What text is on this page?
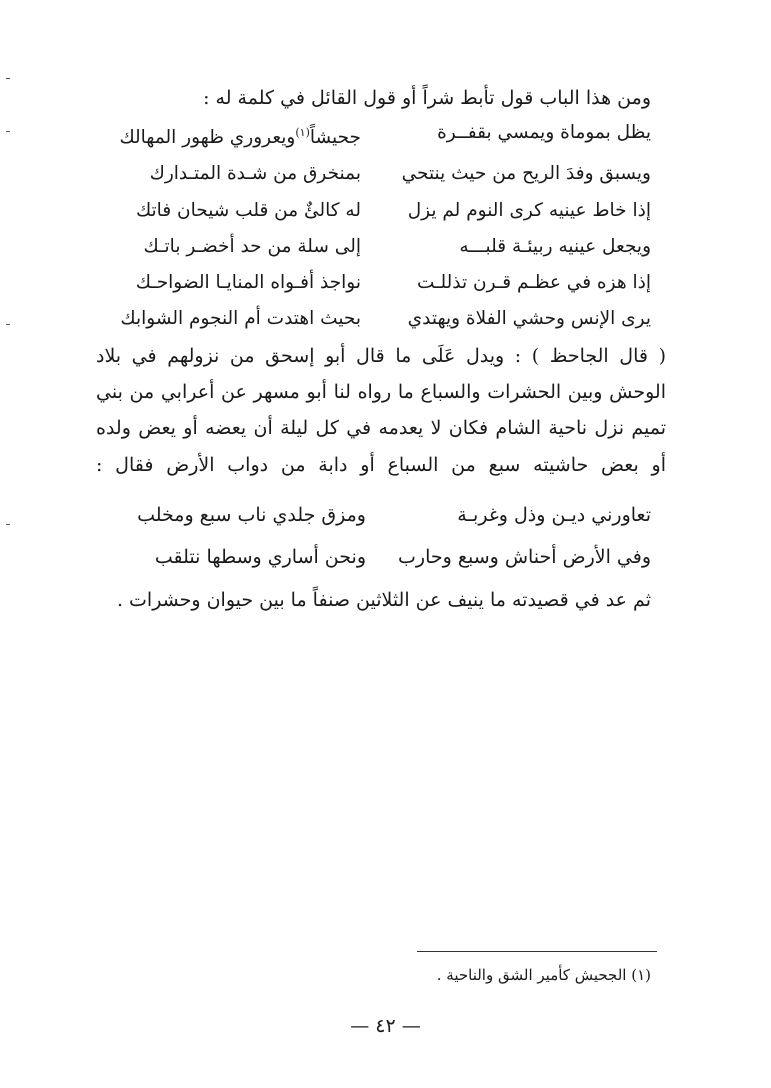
ومن هذا الباب قول تأبط شراً أو قول القائل في كلمة له :
يظل بموماة ويمسي بقفــرة
جحيشاً$^{(١)}$ويعروري ظهور المهالك
ويسبق وفدَ الريح من حيث ينتحي
بمنخرق من شـدة المتـدارك
إذا خاط عينيه كرى النوم لم يزل
له كالئٌ من قلب شيحان فاتك
ويجعل عينيه ربيئـة قلبـــه
إلى سلة من حد أخضـر باتـك
إذا هزه في عظـم قـرن تذللـت
نواجذ أفـواه المنايـا الضواحـك
يرى الإنس وحشي الفلاة ويهتدي
بحيث اهتدت أم النجوم الشوابك
( قال الجاحظ ) : ويدل عَلَى ما قال أبو إسحق من نزولهم في بلاد
الوحش وبين الحشرات والسباع ما رواه لنا أبو مسهر عن أعرابي من بني
تميم نزل ناحية الشام فكان لا يعدمه في كل ليلة أن يعضه أو يعض ولده
أو بعض حاشيته سبع من السباع أو دابة من دواب الأرض فقال :
تعاورني ديـن وذل وغربـة
ومزق جلدي ناب سبع ومخلب
وفي الأرض أحناش وسبع وحارب
ونحن أساري وسطها نتلقب
ثم عد في قصيدته ما ينيف عن الثلاثين صنفاً ما بين حيوان وحشرات .
(١) الجحيش كأمير الشق والناحية .
— ٤٢ —
